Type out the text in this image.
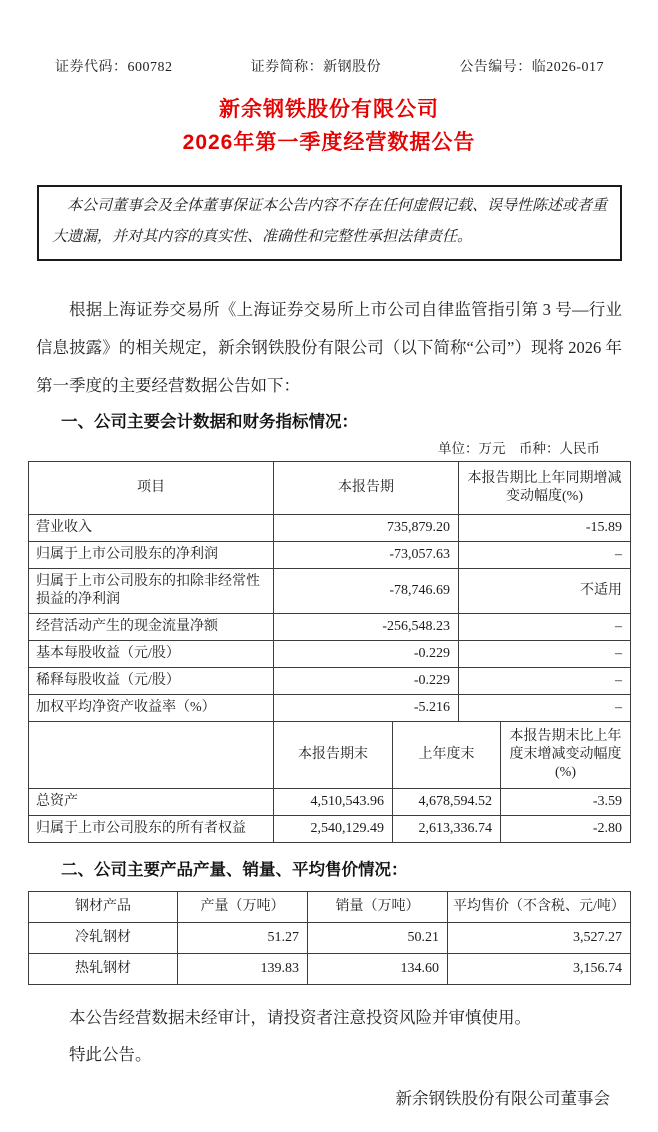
证券代码：600782	证券简称：新钢股份	公告编号：临2026-017
新余钢铁股份有限公司
2026年第一季度经营数据公告

本公司董事会及全体董事保证本公告内容不存在任何虚假记载、误导性陈述或者重大遗漏，并对其内容的真实性、准确性和完整性承担法律责任。

根据上海证券交易所《上海证券交易所上市公司自律监管指引第 3 号—行业信息披露》的相关规定，新余钢铁股份有限公司（以下简称“公司”）现将 2026 年第一季度的主要经营数据公告如下：

一、公司主要会计数据和财务指标情况：
单位：万元　币种：人民币
项目	本报告期	本报告期比上年同期增减变动幅度(%)
营业收入	735,879.20	-15.89
归属于上市公司股东的净利润	-73,057.63	–
归属于上市公司股东的扣除非经常性损益的净利润	-78,746.69	不适用
经营活动产生的现金流量净额	-256,548.23	–
基本每股收益（元/股）	-0.229	–
稀释每股收益（元/股）	-0.229	–
加权平均净资产收益率（%）	-5.216	–
	本报告期末	上年度末	本报告期末比上年度末增减变动幅度(%)
总资产	4,510,543.96	4,678,594.52	-3.59
归属于上市公司股东的所有者权益	2,540,129.49	2,613,336.74	-2.80
二、公司主要产品产量、销量、平均售价情况：
钢材产品	产量（万吨）	销量（万吨）	平均售价（不含税、元/吨）
冷轧钢材	51.27	50.21	3,527.27
热轧钢材	139.83	134.60	3,156.74

本公告经营数据未经审计，请投资者注意投资风险并审慎使用。

特此公告。

新余钢铁股份有限公司董事会
